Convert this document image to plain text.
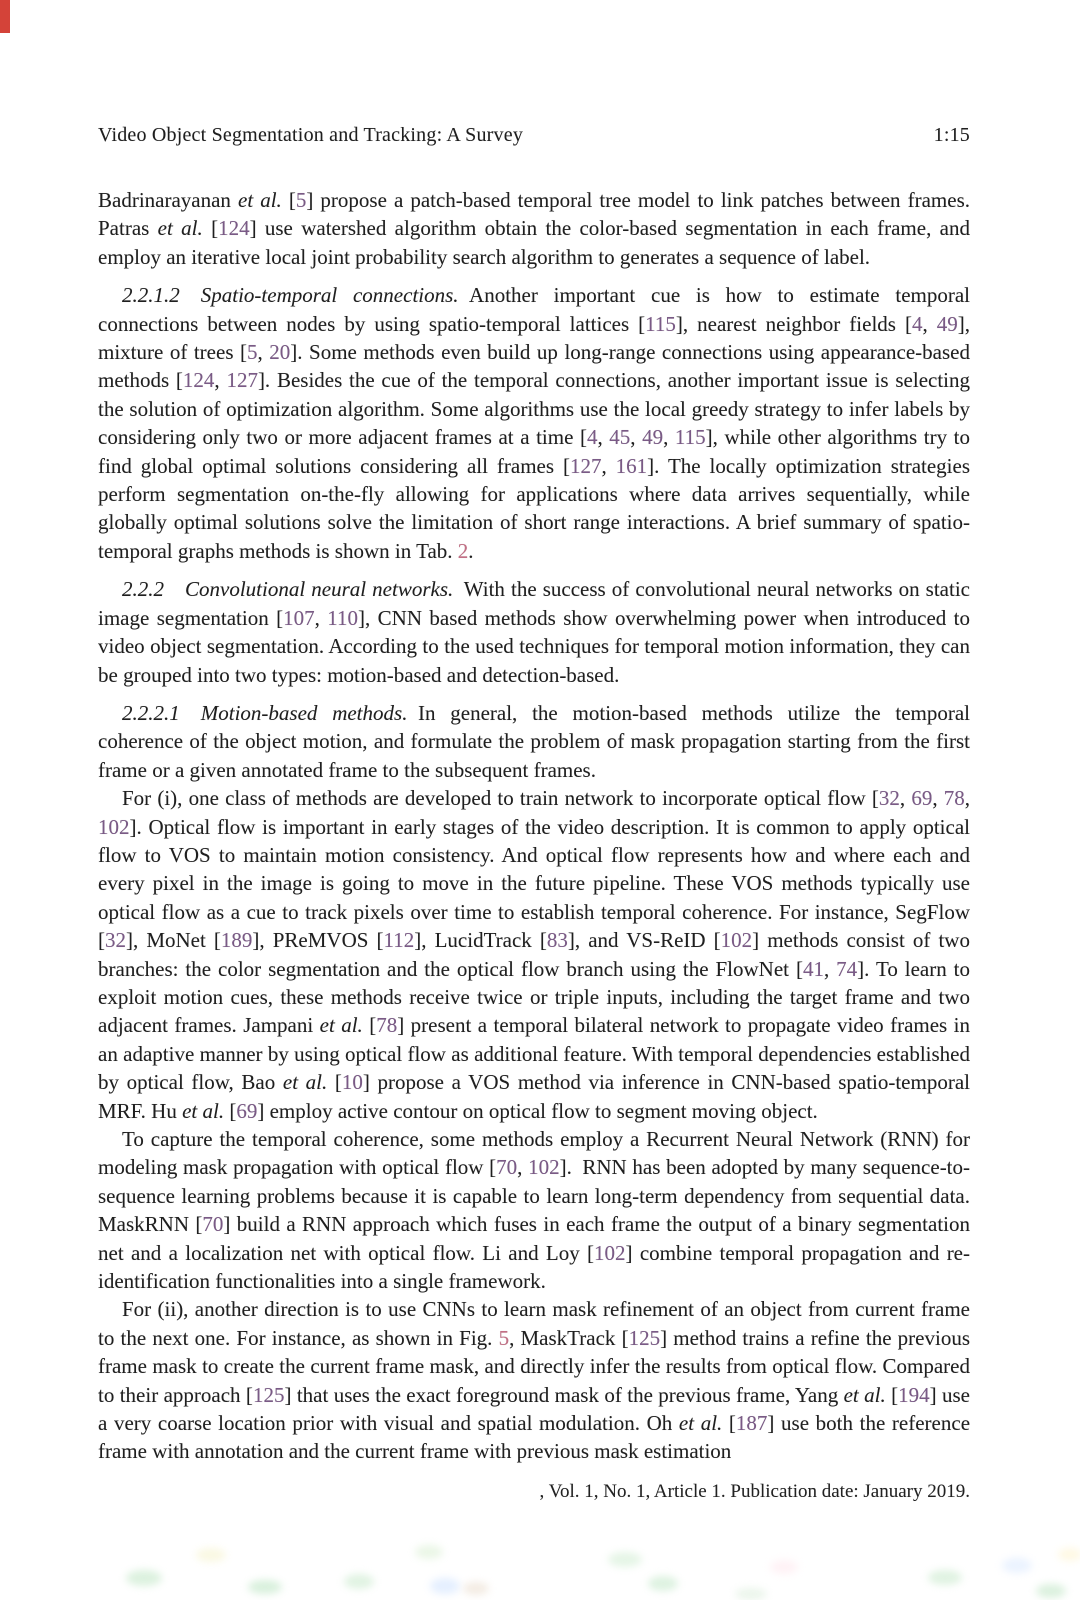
Video Object Segmentation and Tracking: A Survey	1:15

Badrinarayanan et al. [5] propose a patch-based temporal tree model to link patches between frames. Patras et al. [124] use watershed algorithm obtain the color-based segmentation in each frame, and employ an iterative local joint probability search algorithm to generates a sequence of label.

2.2.1.2 Spatio-temporal connections. Another important cue is how to estimate temporal connections between nodes by using spatio-temporal lattices [115], nearest neighbor fields [4, 49], mixture of trees [5, 20]. Some methods even build up long-range connections using appearance-based methods [124, 127]. Besides the cue of the temporal connections, another important issue is selecting the solution of optimization algorithm. Some algorithms use the local greedy strategy to infer labels by considering only two or more adjacent frames at a time [4, 45, 49, 115], while other algorithms try to find global optimal solutions considering all frames [127, 161]. The locally optimization strategies perform segmentation on-the-fly allowing for applications where data arrives sequentially, while globally optimal solutions solve the limitation of short range interactions. A brief summary of spatio-temporal graphs methods is shown in Tab. 2.

2.2.2 Convolutional neural networks. With the success of convolutional neural networks on static image segmentation [107, 110], CNN based methods show overwhelming power when introduced to video object segmentation. According to the used techniques for temporal motion information, they can be grouped into two types: motion-based and detection-based.

2.2.2.1 Motion-based methods. In general, the motion-based methods utilize the temporal coherence of the object motion, and formulate the problem of mask propagation starting from the first frame or a given annotated frame to the subsequent frames.

For (i), one class of methods are developed to train network to incorporate optical flow [32, 69, 78, 102]. Optical flow is important in early stages of the video description. It is common to apply optical flow to VOS to maintain motion consistency. And optical flow represents how and where each and every pixel in the image is going to move in the future pipeline. These VOS methods typically use optical flow as a cue to track pixels over time to establish temporal coherence. For instance, SegFlow [32], MoNet [189], PReMVOS [112], LucidTrack [83], and VS-ReID [102] methods consist of two branches: the color segmentation and the optical flow branch using the FlowNet [41, 74]. To learn to exploit motion cues, these methods receive twice or triple inputs, including the target frame and two adjacent frames. Jampani et al. [78] present a temporal bilateral network to propagate video frames in an adaptive manner by using optical flow as additional feature. With temporal dependencies established by optical flow, Bao et al. [10] propose a VOS method via inference in CNN-based spatio-temporal MRF. Hu et al. [69] employ active contour on optical flow to segment moving object.

To capture the temporal coherence, some methods employ a Recurrent Neural Network (RNN) for modeling mask propagation with optical flow [70, 102]. RNN has been adopted by many sequence-to-sequence learning problems because it is capable to learn long-term dependency from sequential data. MaskRNN [70] build a RNN approach which fuses in each frame the output of a binary segmentation net and a localization net with optical flow. Li and Loy [102] combine temporal propagation and re-identification functionalities into a single framework.

For (ii), another direction is to use CNNs to learn mask refinement of an object from current frame to the next one. For instance, as shown in Fig. 5, MaskTrack [125] method trains a refine the previous frame mask to create the current frame mask, and directly infer the results from optical flow. Compared to their approach [125] that uses the exact foreground mask of the previous frame, Yang et al. [194] use a very coarse location prior with visual and spatial modulation. Oh et al. [187] use both the reference frame with annotation and the current frame with previous mask estimation

, Vol. 1, No. 1, Article 1. Publication date: January 2019.
